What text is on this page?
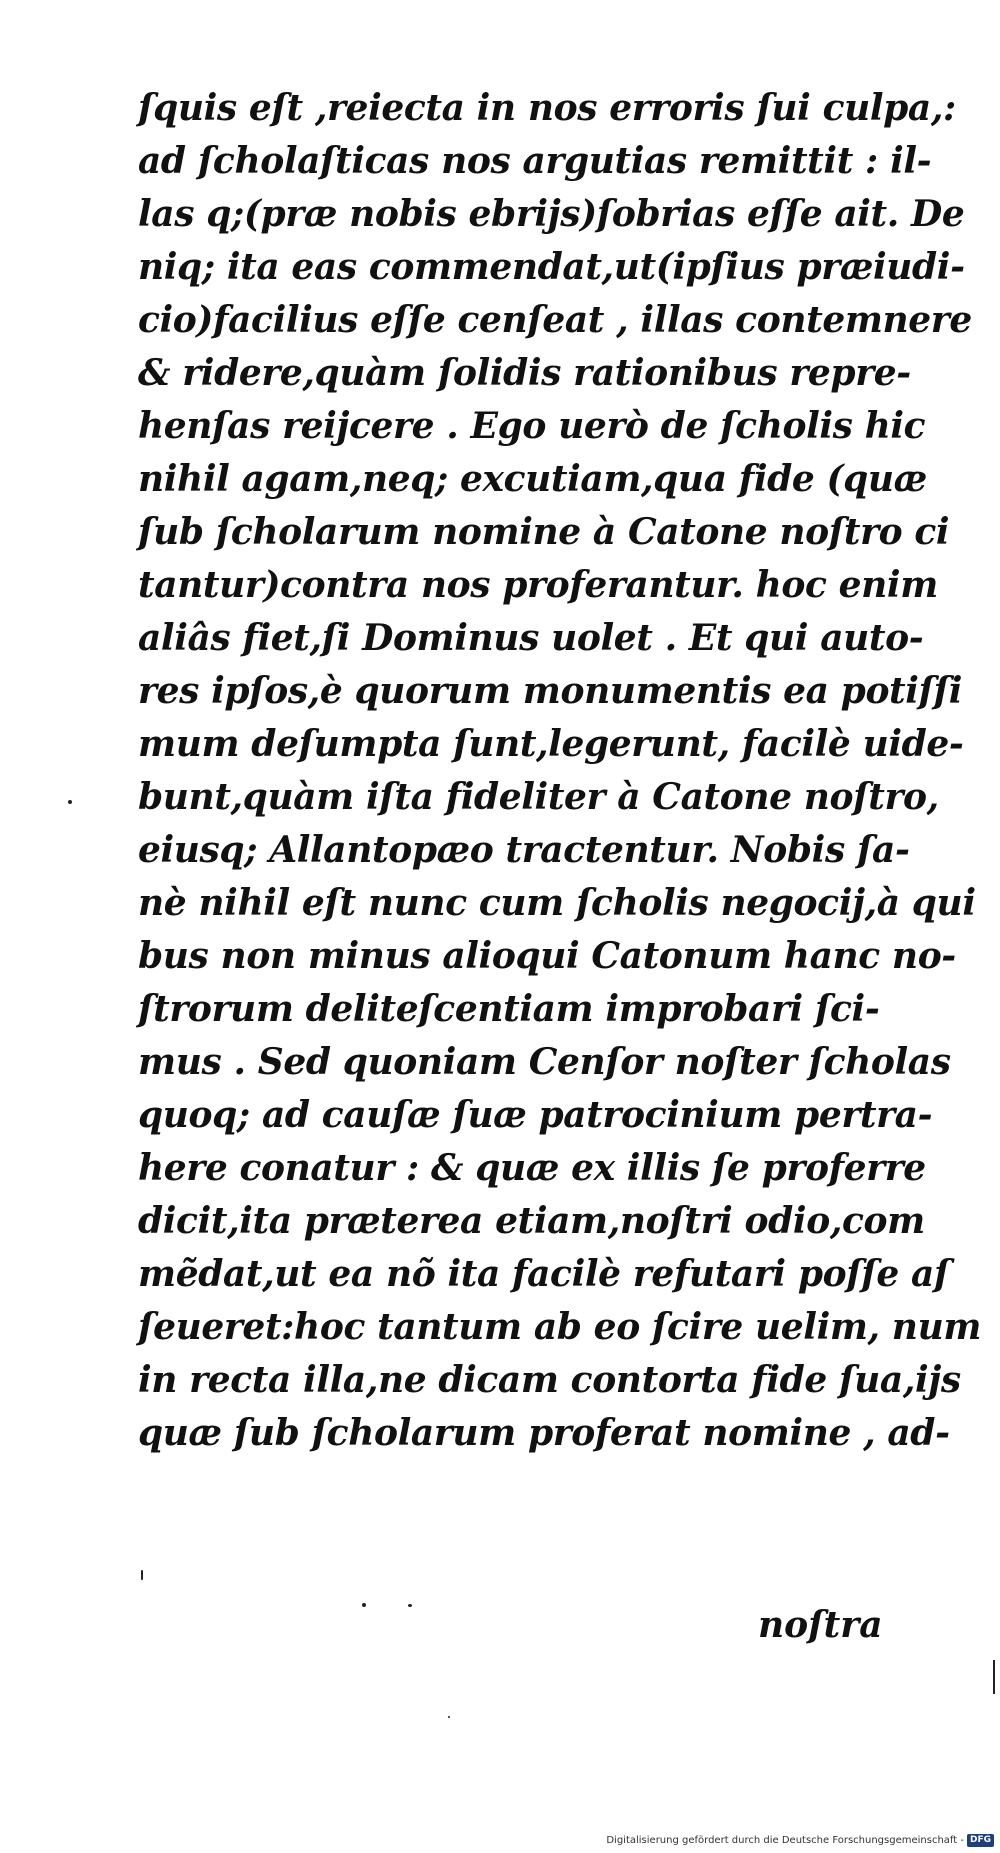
ſquis eſt ,reiecta in nos erroris ſui culpa,:
ad ſcholaſticas nos argutias remittit : il-
las q;(præ nobis ebrijs)ſobrias eſſe ait. De
niq; ita eas commendat,ut(ipſius præiudi-
cio)facilius eſſe cenſeat , illas contemnere
& ridere,quàm ſolidis rationibus repre-
henſas reijcere . Ego uerò de ſcholis hic
nihil agam,neq; excutiam,qua fide (quæ
ſub ſcholarum nomine à Catone noſtro ci
tantur)contra nos proferantur. hoc enim
aliâs fiet,ſi Dominus uolet . Et qui auto-
res ipſos,è quorum monumentis ea potiſſi
mum deſumpta ſunt,legerunt, facilè uide-
bunt,quàm iſta fideliter à Catone noſtro,
eiusq; Allantopæo tractentur. Nobis ſa-
nè nihil eſt nunc cum ſcholis negocij,à qui
bus non minus alioqui Catonum hanc no-
ſtrorum deliteſcentiam improbari ſci-
mus . Sed quoniam Cenſor noſter ſcholas
quoq; ad cauſæ ſuæ patrocinium pertra-
here conatur : & quæ ex illis ſe proferre
dicit,ita præterea etiam,noſtri odio,com
mẽdat,ut ea nõ ita facilè refutari poſſe aſ
ſeueret:hoc tantum ab eo ſcire uelim, num
in recta illa,ne dicam contorta fide ſua,ijs
quæ ſub ſcholarum proferat nomine , ad-
noſtra
Digitalisierung gefördert durch die Deutsche Forschungsgemeinschaft - DFG
